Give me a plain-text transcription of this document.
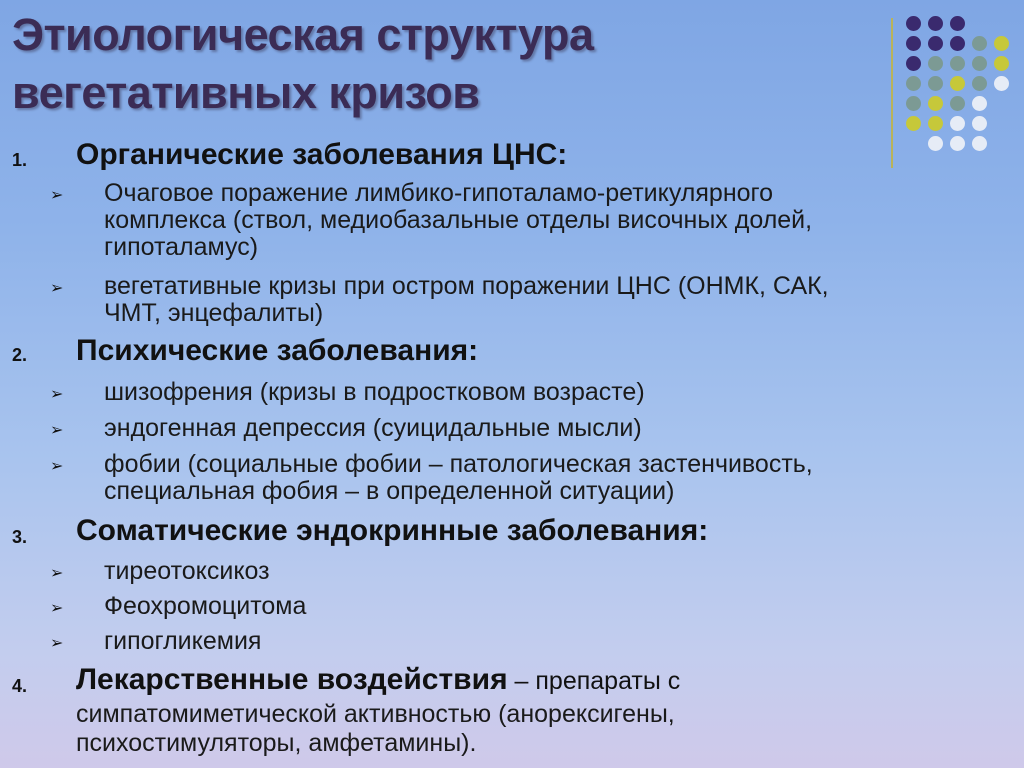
Этиологическая структура
вегетативных кризов
1. Органические заболевания ЦНС:
➢ Очаговое поражение лимбико-гипоталамо-ретикулярного
комплекса (ствол, медиобазальные отделы височных долей,
гипоталамус)
➢ вегетативные кризы при остром поражении ЦНС (ОНМК, САК,
ЧМТ, энцефалиты)
2. Психические заболевания:
➢ шизофрения (кризы в подростковом возрасте)
➢ эндогенная депрессия (суицидальные мысли)
➢ фобии (социальные фобии – патологическая застенчивость,
специальная фобия – в определенной ситуации)
3. Соматические эндокринные заболевания:
➢ тиреотоксикоз
➢ Феохромоцитома
➢ гипогликемия
4. Лекарственные воздействия – препараты с
симпатомиметической активностью (анорексигены,
психостимуляторы, амфетамины).
